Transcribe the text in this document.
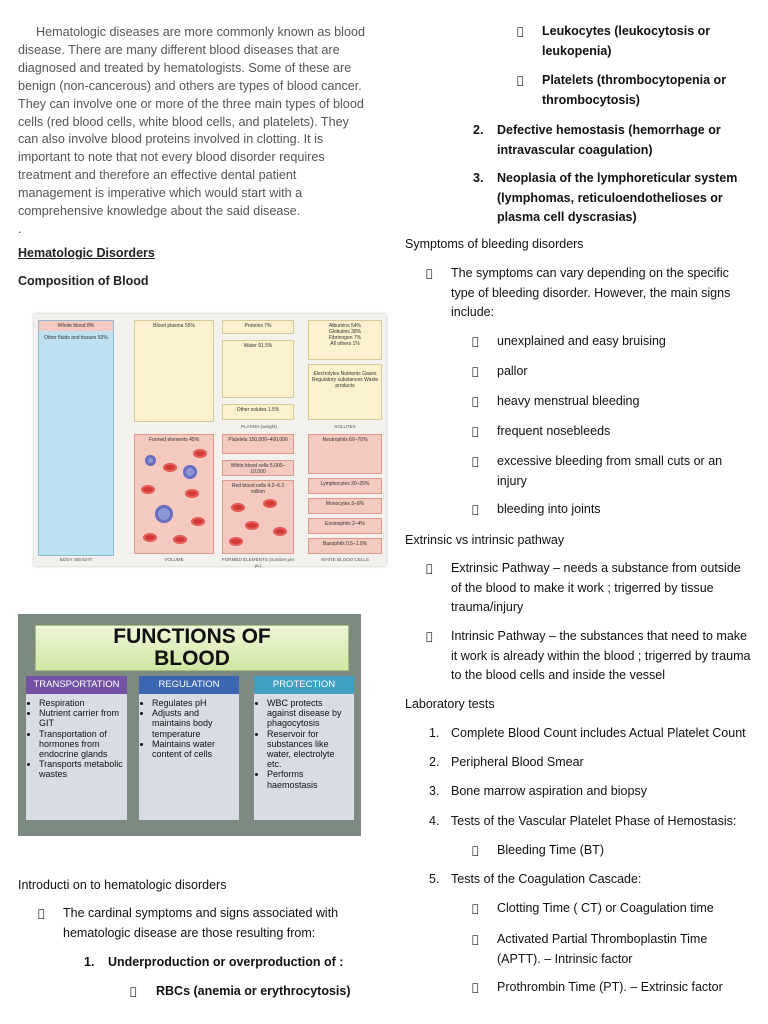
Hematologic diseases are more commonly known as blood disease. There are many different blood diseases that are diagnosed and treated by hematologists. Some of these are benign (non-cancerous) and others are types of blood cancer. They can involve one or more of the three main types of blood cells (red blood cells, white blood cells, and platelets). They can also involve blood proteins involved in clotting. It is important to note that not every blood disorder requires treatment and therefore an effective dental patient management is imperative which would start with a comprehensive knowledge about the said disease.

.
Hematologic Disorders
Composition of Blood
Whole blood 8%
Other fluids and tissues 92%
Blood plasma 55%	Proteins 7%
Water 91.5%
Other solutes 1.5%
Albumins 54%
Globulins 38%
Fibrinogen 7%
All others 1%
Electrolytes Nutrients Gases Regulatory substances Waste products
PLASMA (weight)	SOLUTES
Formed elements 45%	Platelets 150,000–400,000
White blood cells 5,000–10,000
Red blood cells 4.2–6.2 million
Neutrophils 60–70%
Lymphocytes 20–25%
Monocytes 3–8%
Eosinophils 2–4%
Basophils 0.5–1.0%
BODY WEIGHT	VOLUME	FORMED ELEMENTS (number per µL)
WHITE BLOOD CELLS
FUNCTIONS OF
BLOOD
TRANSPORTATION	REGULATION	PROTECTION
• Respiration
• Nutrient carrier from GIT
• Transportation of hormones from endocrine glands
• Transports metabolic wastes
• Regulates pH
• Adjusts and maintains body temperature
• Maintains water content of cells
• WBC protects against disease by phagocytosis
• Reservoir for substances like water, electrolyte etc.
• Performs haemostasis
Introducti on to hematologic disorders
The cardinal symptoms and signs associated with hematologic disease are those resulting from:
1.	Underproduction or overproduction of :
RBCs (anemia or erythrocytosis)
Leukocytes (leukocytosis or leukopenia)
Platelets (thrombocytopenia or thrombocytosis)
2.	Defective hemostasis (hemorrhage or intravascular coagulation)
3.	Neoplasia of the lymphoreticular system (lymphomas, reticuloendothelioses or plasma cell dyscrasias)
Symptoms of bleeding disorders
The symptoms can vary depending on the specific type of bleeding disorder. However, the main signs include:
unexplained and easy bruising
pallor
heavy menstrual bleeding
frequent nosebleeds
excessive bleeding from small cuts or an injury
bleeding into joints
Extrinsic vs intrinsic pathway
Extrinsic Pathway – needs a substance from outside of the blood to make it work ; trigerred by tissue trauma/injury
Intrinsic Pathway – the substances that need to make it work is already within the blood ; trigerred by trauma to the blood cells and inside the vessel
Laboratory tests
1. Complete Blood Count includes Actual Platelet Count
2. Peripheral Blood Smear
3. Bone marrow aspiration and biopsy
4. Tests of the Vascular Platelet Phase of Hemostasis:
Bleeding Time (BT)
5. Tests of the Coagulation Cascade:
Clotting Time ( CT) or Coagulation time
Activated Partial Thromboplastin Time (APTT). – Intrinsic factor
Prothrombin Time (PT). – Extrinsic factor
